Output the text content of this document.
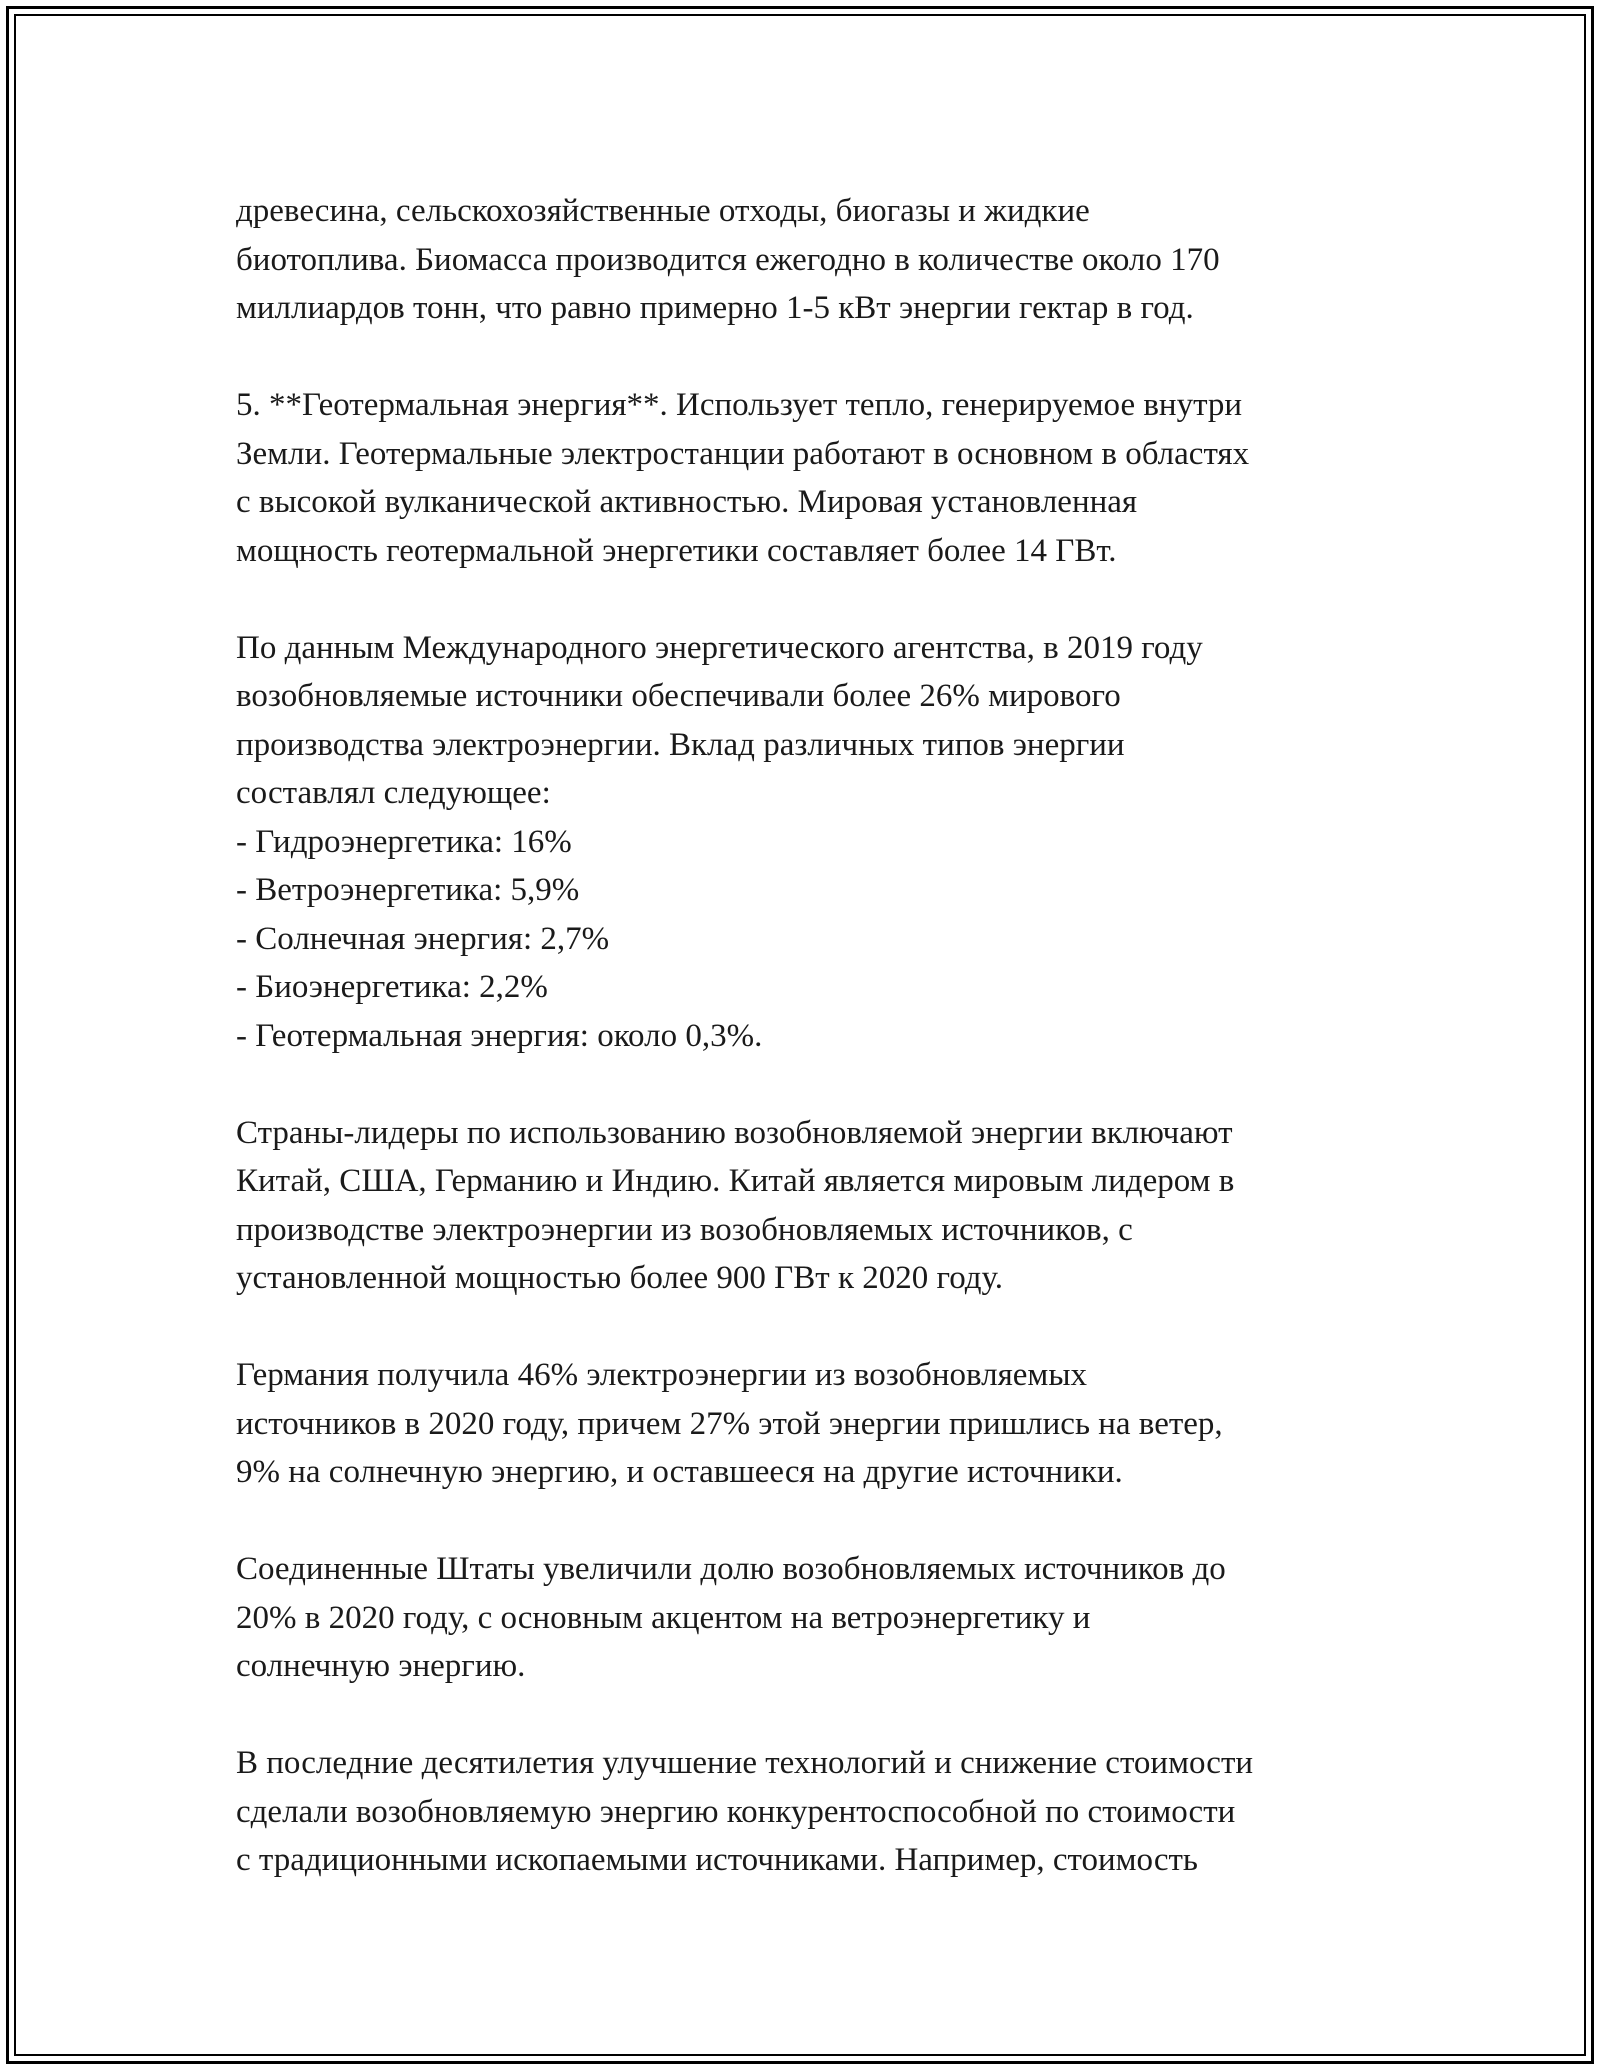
древесина, сельскохозяйственные отходы, биогазы и жидкие
биотоплива. Биомасса производится ежегодно в количестве около 170
миллиардов тонн, что равно примерно 1-5 кВт энергии гектар в год.

5. **Геотермальная энергия**. Использует тепло, генерируемое внутри
Земли. Геотермальные электростанции работают в основном в областях
с высокой вулканической активностью. Мировая установленная
мощность геотермальной энергетики составляет более 14 ГВт.

По данным Международного энергетического агентства, в 2019 году
возобновляемые источники обеспечивали более 26% мирового
производства электроэнергии. Вклад различных типов энергии
составлял следующее:
- Гидроэнергетика: 16%
- Ветроэнергетика: 5,9%
- Солнечная энергия: 2,7%
- Биоэнергетика: 2,2%
- Геотермальная энергия: около 0,3%.

Страны-лидеры по использованию возобновляемой энергии включают
Китай, США, Германию и Индию. Китай является мировым лидером в
производстве электроэнергии из возобновляемых источников, с
установленной мощностью более 900 ГВт к 2020 году.

Германия получила 46% электроэнергии из возобновляемых
источников в 2020 году, причем 27% этой энергии пришлись на ветер,
9% на солнечную энергию, и оставшееся на другие источники.

Соединенные Штаты увеличили долю возобновляемых источников до
20% в 2020 году, с основным акцентом на ветроэнергетику и
солнечную энергию.

В последние десятилетия улучшение технологий и снижение стоимости
сделали возобновляемую энергию конкурентоспособной по стоимости
с традиционными ископаемыми источниками. Например, стоимость
